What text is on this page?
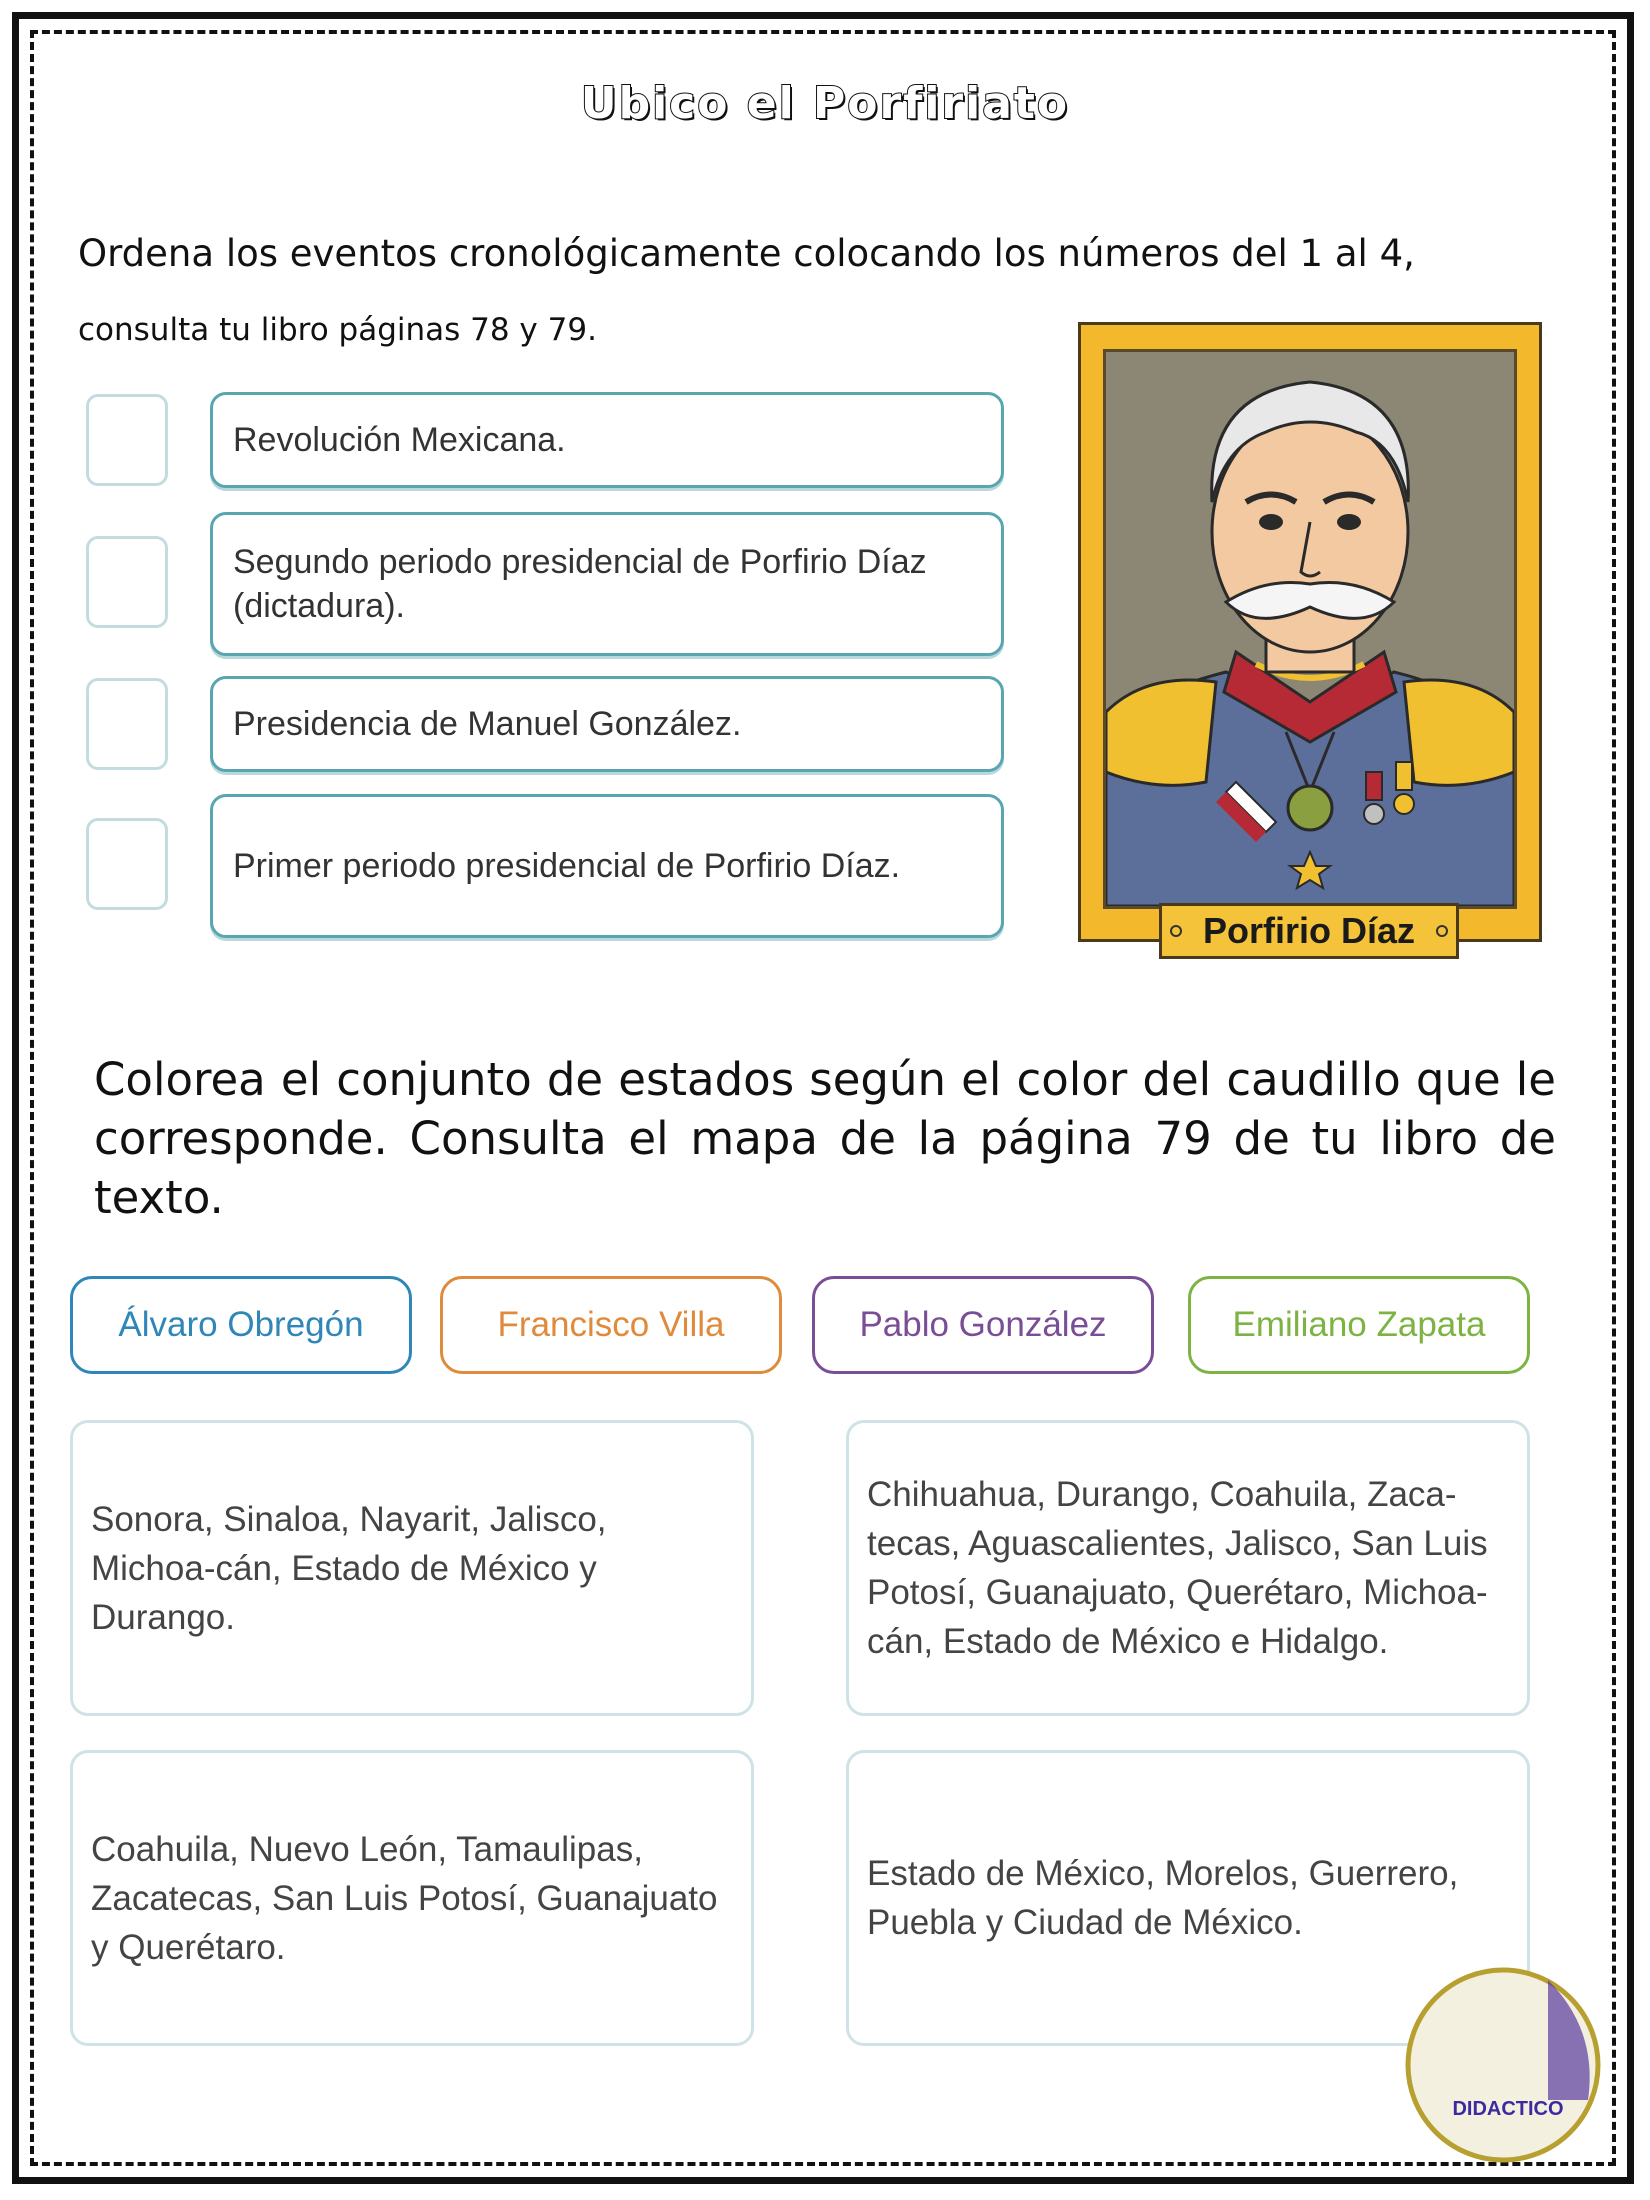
Ubico el Porfiriato
Ordena los eventos cronológicamente colocando los números del 1 al 4,
consulta tu libro páginas 78 y 79.
Revolución Mexicana.
Segundo periodo presidencial de Porfirio Díaz (dictadura).
Presidencia de Manuel González.
Primer periodo presidencial de Porfirio Díaz.
Porfirio Díaz
Colorea el conjunto de estados según el color del caudillo que le corresponde. Consulta el mapa de la página 79 de tu libro de texto.
Álvaro Obregón	Francisco Villa	Pablo González	Emiliano Zapata
Sonora, Sinaloa, Nayarit, Jalisco, Michoa-cán, Estado de México y Durango.
Chihuahua, Durango, Coahuila, Zaca-tecas, Aguascalientes, Jalisco, San Luis Potosí, Guanajuato, Querétaro, Michoa-cán, Estado de México e Hidalgo.
Coahuila, Nuevo León, Tamaulipas, Zacatecas, San Luis Potosí, Guanajuato y Querétaro.
Estado de México, Morelos, Guerrero, Puebla y Ciudad de México.
DIDACTICO
